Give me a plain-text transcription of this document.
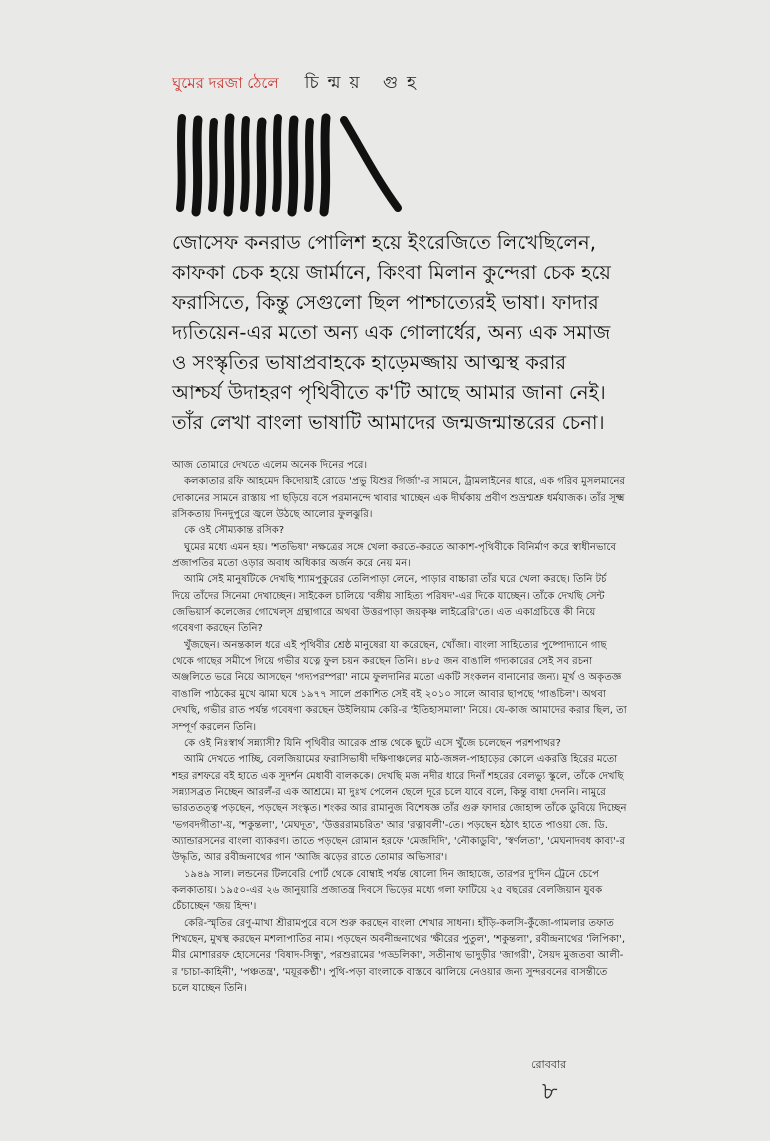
ঘুমের দরজা ঠেলে চিন্ময় গুহ

জোসেফ কনরাড পোলিশ হয়ে ইংরেজিতে লিখেছিলেন, কাফকা চেক হয়ে জার্মানে, কিংবা মিলান কুন্দেরা চেক হয়ে ফরাসিতে, কিন্তু সেগুলো ছিল পাশ্চাত্যেরই ভাষা। ফাদার দ্যতিয়েন-এর মতো অন্য এক গোলার্ধের, অন্য এক সমাজ ও সংস্কৃতির ভাষাপ্রবাহকে হাড়েমজ্জায় আত্মস্থ করার আশ্চর্য উদাহরণ পৃথিবীতে ক'টি আছে আমার জানা নেই। তাঁর লেখা বাংলা ভাষাটি আমাদের জন্মজন্মান্তরের চেনা।

আজ তোমারে দেখতে এলেম অনেক দিনের পরে।

কলকাতার রফি আহমেদ কিদোয়াই রোডে 'প্রভু যিশুর গির্জা'-র সামনে, ট্রামলাইনের ধারে, এক গরিব মুসলমানের দোকানের সামনে রাস্তায় পা ছড়িয়ে বসে পরমানন্দে খাবার খাচ্ছেন এক দীর্ঘকায় প্রবীণ শুভ্রশ্মশ্রু ধর্মযাজক। তাঁর সূক্ষ্ম রসিকতায় দিনদুপুরে জ্বলে উঠছে আলোর ফুলঝুরি।

কে ওই সৌম্যকান্ত রসিক?

ঘুমের মধ্যে এমন হয়। 'শতভিষা' নক্ষত্রের সঙ্গে খেলা করতে-করতে আকাশ-পৃথিবীকে বিনির্মাণ করে স্বাধীনভাবে প্রজাপতির মতো ওড়ার অবাধ অধিকার অর্জন করে নেয় মন।

আমি সেই মানুষটিকে দেখছি শ্যামপুকুরের তেলিপাড়া লেনে, পাড়ার বাচ্চারা তাঁর ঘরে খেলা করছে। তিনি টর্চ দিয়ে তাঁদের সিনেমা দেখাচ্ছেন। সাইকেল চালিয়ে 'বঙ্গীয় সাহিত্য পরিষদ'-এর দিকে যাচ্ছেন। তাঁকে দেখছি সেন্ট জেভিয়ার্স কলেজের গোখেল্‌স গ্রন্থাগারে অথবা উত্তরপাড়া জয়কৃষ্ণ লাইব্রেরি'তে। এত একাগ্রচিত্তে কী নিয়ে গবেষণা করছেন তিনি?

খুঁজছেন। অনন্তকাল ধরে এই পৃথিবীর শ্রেষ্ঠ মানুষেরা যা করেছেন, খোঁজা। বাংলা সাহিত্যের পুষ্পোদ্যানে গাছ থেকে গাছের সমীপে গিয়ে গভীর যত্নে ফুল চয়ন করছেন তিনি। ৪৮৫ জন বাঙালি গদ্যকারের সেই সব রচনা অঞ্জলিতে ভরে নিয়ে আসছেন 'গদ্যপরম্পরা' নামে ফুলদানির মতো একটি সংকলন বানানোর জন্য। মূর্খ ও অকৃতজ্ঞ বাঙালি পাঠকের মুখে ঝামা ঘষে ১৯৭৭ সালে প্রকাশিত সেই বই ২০১০ সালে আবার ছাপছে 'গাঙচিল'। অথবা দেখছি, গভীর রাত পর্যন্ত গবেষণা করছেন উইলিয়াম কেরি-র 'ইতিহাসমালা' নিয়ে। যে-কাজ আমাদের করার ছিল, তা সম্পূর্ণ করলেন তিনি।

কে ওই নিঃস্বার্থ সন্ন্যাসী? যিনি পৃথিবীর আরেক প্রান্ত থেকে ছুটে এসে খুঁজে চলেছেন পরশপাথর?

আমি দেখতে পাচ্ছি, বেলজিয়ামের ফরাসিভাষী দক্ষিণাঞ্চলের মাঠ-জঙ্গল-পাহাড়ের কোলে একরত্তি হিরের মতো শহর রশফরে বই হাতে এক সুদর্শন মেধাবী বালককে। দেখছি মজ নদীর ধারে দিনাঁ শহরের বেলভ্যু স্কুলে, তাঁকে দেখছি সন্ন্যাসব্রত নিচ্ছেন আরলঁ-র এক আশ্রমে। মা দুঃখ পেলেন ছেলে দূরে চলে যাবে বলে, কিন্তু বাধা দেননি। নামুরে ভারততত্ত্ব পড়ছেন, পড়ছেন সংস্কৃত। শংকর আর রামানুজ বিশেষজ্ঞ তাঁর গুরু ফাদার জোহান্স তাঁকে ডুবিয়ে দিচ্ছেন 'ভগবদগীতা'-য়, 'শকুন্তলা', 'মেঘদূত', 'উত্তররামচরিত' আর 'রত্নাবলী'-তে। পড়ছেন হঠাৎ হাতে পাওয়া জে. ডি. অ্যান্ডারসনের বাংলা ব্যাকরণ। তাতে পড়ছেন রোমান হরফে 'মেজদিদি', 'নৌকাডুবি', 'স্বর্ণলতা', 'মেঘনাদবধ কাব্য'-র উদ্ধৃতি, আর রবীন্দ্রনাথের গান 'আজি ঝড়ের রাতে তোমার অভিসার'।

১৯৪৯ সাল। লন্ডনের টিলবেরি পোর্ট থেকে বোম্বাই পর্যন্ত ষোলো দিন জাহাজে, তারপর দু'দিন ট্রেনে চেপে কলকাতায়। ১৯৫০-এর ২৬ জানুয়ারি প্রজাতন্ত্র দিবসে ভিড়ের মধ্যে গলা ফাটিয়ে ২৫ বছরের বেলজিয়ান যুবক চেঁচাচ্ছেন 'জয় হিন্দ'।

কেরি-স্মৃতির রেণু-মাখা শ্রীরামপুরে বসে শুরু করছেন বাংলা শেখার সাধনা। হাঁড়ি-কলসি-কুঁজো-গামলার তফাত শিখছেন, মুখস্থ করছেন মশলাপাতির নাম। পড়ছেন অবনীন্দ্রনাথের 'ক্ষীরের পুতুল', 'শকুন্তলা', রবীন্দ্রনাথের 'লিপিকা', মীর মোশাররফ হোসেনের 'বিষাদ-সিন্ধু', পরশুরামের 'গড্ডলিকা', সতীনাথ ভাদুড়ীর 'জাগরী', সৈয়দ মুজতবা আলী-র 'চাচা-কাহিনী', 'পঞ্চতন্ত্র', 'ময়ূরকণ্ঠী'। পুথি-পড়া বাংলাকে বাস্তবে ঝালিয়ে নেওয়ার জন্য সুন্দরবনের বাসন্তীতে চলে যাচ্ছেন তিনি।

রোববার
৮
